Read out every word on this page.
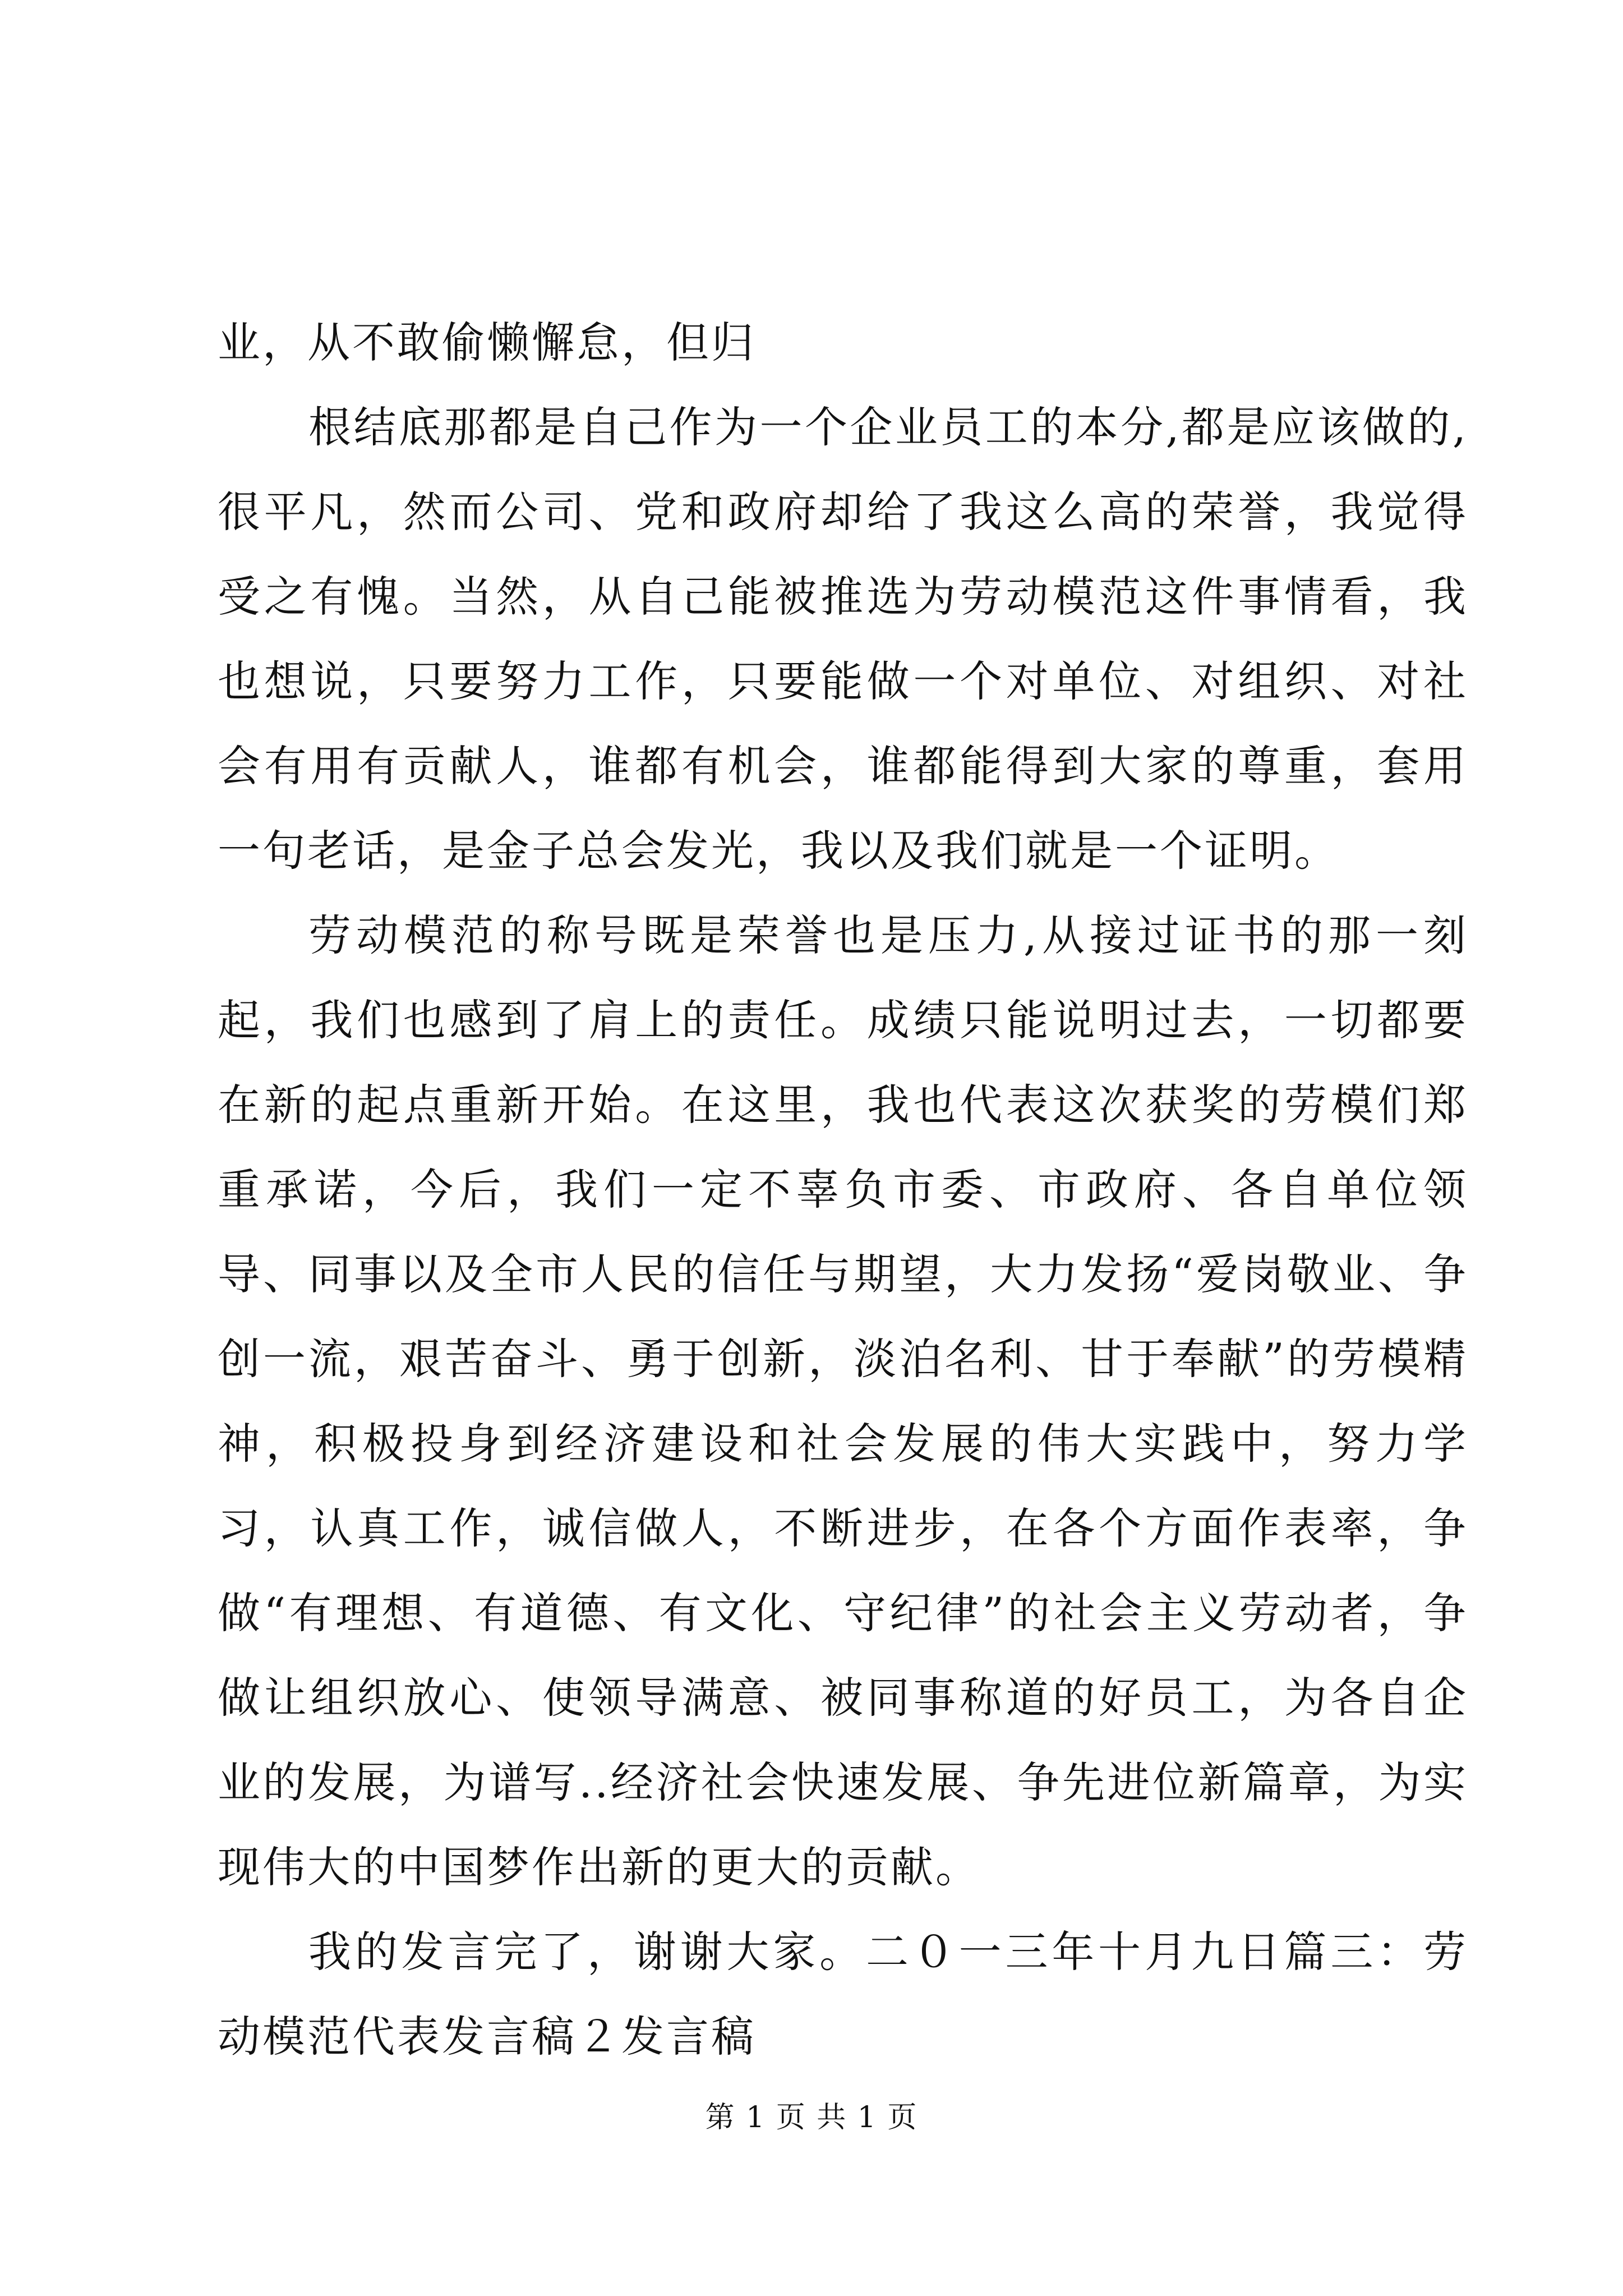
业，从不敢偷懒懈怠，但归

根结底那都是自己作为一个企业员工的本分,都是应该做的,很平凡，然而公司、党和政府却给了我这么高的荣誉，我觉得受之有愧。当然，从自己能被推选为劳动模范这件事情看，我也想说，只要努力工作，只要能做一个对单位、对组织、对社会有用有贡献人，谁都有机会，谁都能得到大家的尊重，套用一句老话，是金子总会发光，我以及我们就是一个证明。

劳动模范的称号既是荣誉也是压力,从接过证书的那一刻起，我们也感到了肩上的责任。成绩只能说明过去，一切都要在新的起点重新开始。在这里，我也代表这次获奖的劳模们郑重承诺，今后，我们一定不辜负市委、市政府、各自单位领导、同事以及全市人民的信任与期望，大力发扬“爱岗敬业、争创一流，艰苦奋斗、勇于创新，淡泊名利、甘于奉献”的劳模精神，积极投身到经济建设和社会发展的伟大实践中，努力学习，认真工作，诚信做人，不断进步，在各个方面作表率，争做“有理想、有道德、有文化、守纪律”的社会主义劳动者，争做让组织放心、使领导满意、被同事称道的好员工，为各自企业的发展，为谱写..经济社会快速发展、争先进位新篇章，为实现伟大的中国梦作出新的更大的贡献。

我的发言完了，谢谢大家。二０一三年十月九日篇三：劳动模范代表发言稿２发言稿

第 1 页 共 1 页
